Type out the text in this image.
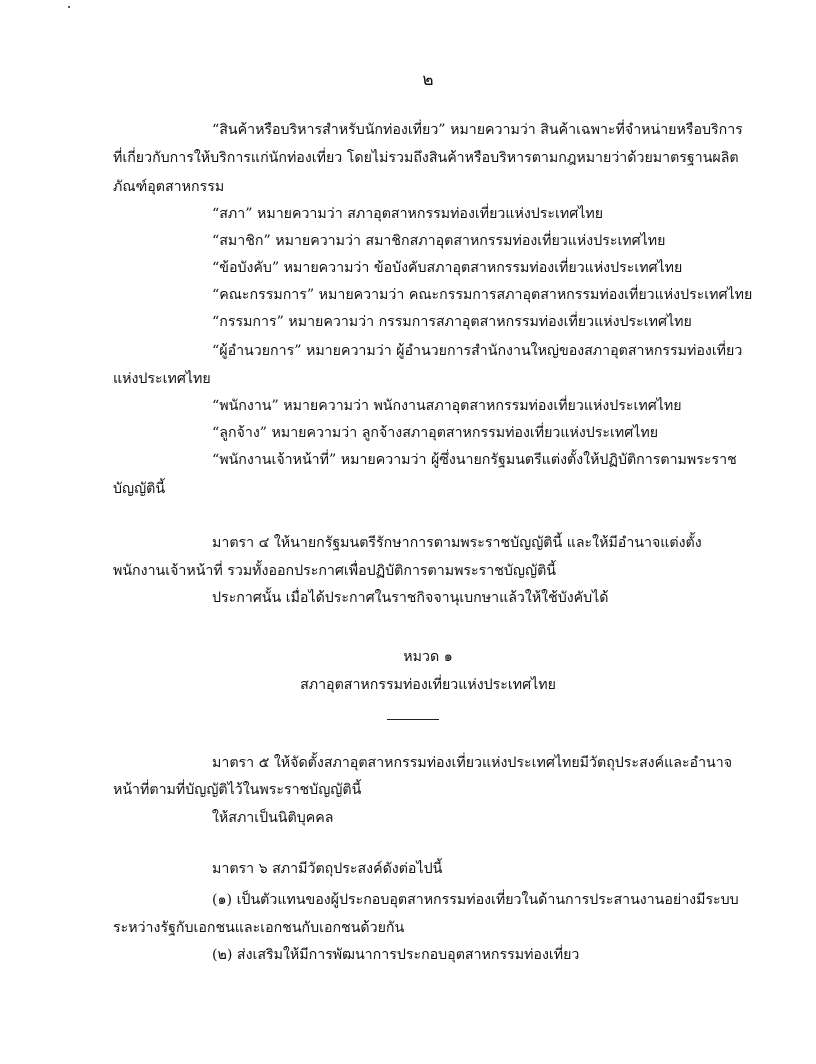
๒
“สินค้าหรือบริหารสำหรับนักท่องเที่ยว” หมายความว่า สินค้าเฉพาะที่จำหน่ายหรือบริการ
ที่เกี่ยวกับการให้บริการแก่นักท่องเที่ยว โดยไม่รวมถึงสินค้าหรือบริหารตามกฎหมายว่าด้วยมาตรฐานผลิต
ภัณฑ์อุตสาหกรรม
“สภา” หมายความว่า สภาอุตสาหกรรมท่องเที่ยวแห่งประเทศไทย
“สมาชิก” หมายความว่า สมาชิกสภาอุตสาหกรรมท่องเที่ยวแห่งประเทศไทย
“ข้อบังคับ” หมายความว่า ข้อบังคับสภาอุตสาหกรรมท่องเที่ยวแห่งประเทศไทย
“คณะกรรมการ” หมายความว่า คณะกรรมการสภาอุตสาหกรรมท่องเที่ยวแห่งประเทศไทย
“กรรมการ” หมายความว่า กรรมการสภาอุตสาหกรรมท่องเที่ยวแห่งประเทศไทย
“ผู้อำนวยการ” หมายความว่า ผู้อำนวยการสำนักงานใหญ่ของสภาอุตสาหกรรมท่องเที่ยว
แห่งประเทศไทย
“พนักงาน” หมายความว่า พนักงานสภาอุตสาหกรรมท่องเที่ยวแห่งประเทศไทย
“ลูกจ้าง” หมายความว่า ลูกจ้างสภาอุตสาหกรรมท่องเที่ยวแห่งประเทศไทย
“พนักงานเจ้าหน้าที่” หมายความว่า ผู้ซึ่งนายกรัฐมนตรีแต่งตั้งให้ปฏิบัติการตามพระราช
บัญญัตินี้
มาตรา ๔ ให้นายกรัฐมนตรีรักษาการตามพระราชบัญญัตินี้ และให้มีอำนาจแต่งตั้ง
พนักงานเจ้าหน้าที่ รวมทั้งออกประกาศเพื่อปฏิบัติการตามพระราชบัญญัตินี้
ประกาศนั้น เมื่อได้ประกาศในราชกิจจานุเบกษาแล้วให้ใช้บังคับได้
หมวด ๑
สภาอุตสาหกรรมท่องเที่ยวแห่งประเทศไทย
มาตรา ๕ ให้จัดตั้งสภาอุตสาหกรรมท่องเที่ยวแห่งประเทศไทยมีวัตถุประสงค์และอำนาจ
หน้าที่ตามที่บัญญัติไว้ในพระราชบัญญัตินี้
ให้สภาเป็นนิติบุคคล
มาตรา ๖ สภามีวัตถุประสงค์ดังต่อไปนี้
(๑) เป็นตัวแทนของผู้ประกอบอุตสาหกรรมท่องเที่ยวในด้านการประสานงานอย่างมีระบบ
ระหว่างรัฐกับเอกชนและเอกชนกับเอกชนด้วยกัน
(๒) ส่งเสริมให้มีการพัฒนาการประกอบอุตสาหกรรมท่องเที่ยว
